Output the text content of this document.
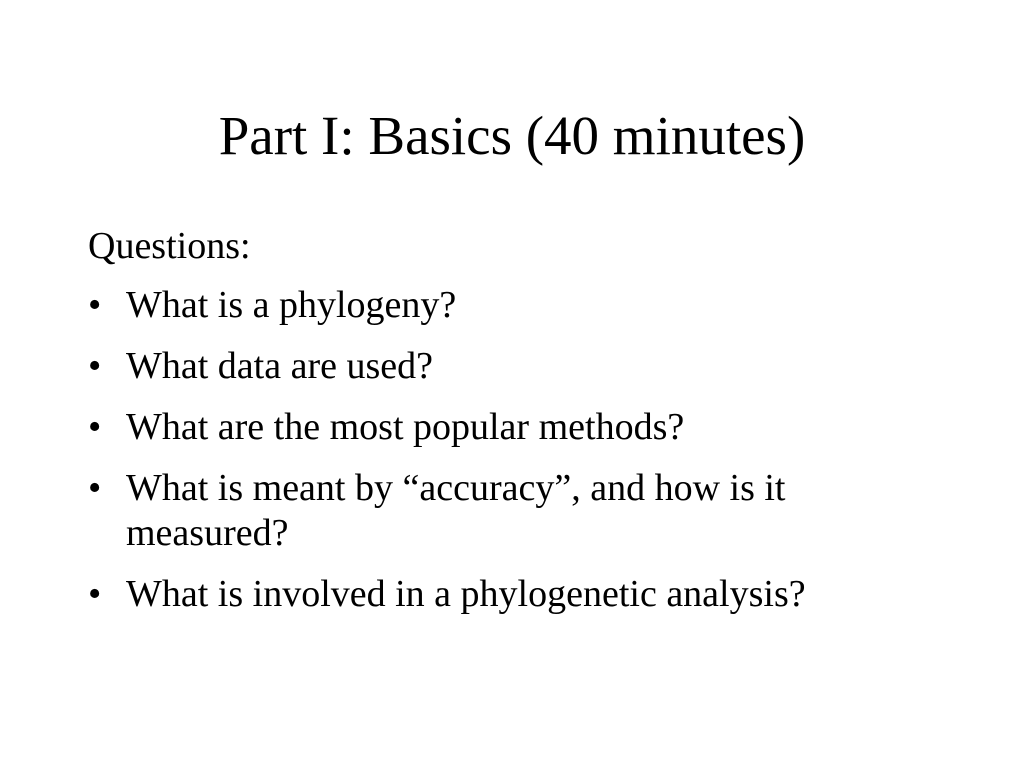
Part I: Basics (40 minutes)

Questions:

• What is a phylogeny?
• What data are used?
• What are the most popular methods?
• What is meant by “accuracy”, and how is it measured?
• What is involved in a phylogenetic analysis?
